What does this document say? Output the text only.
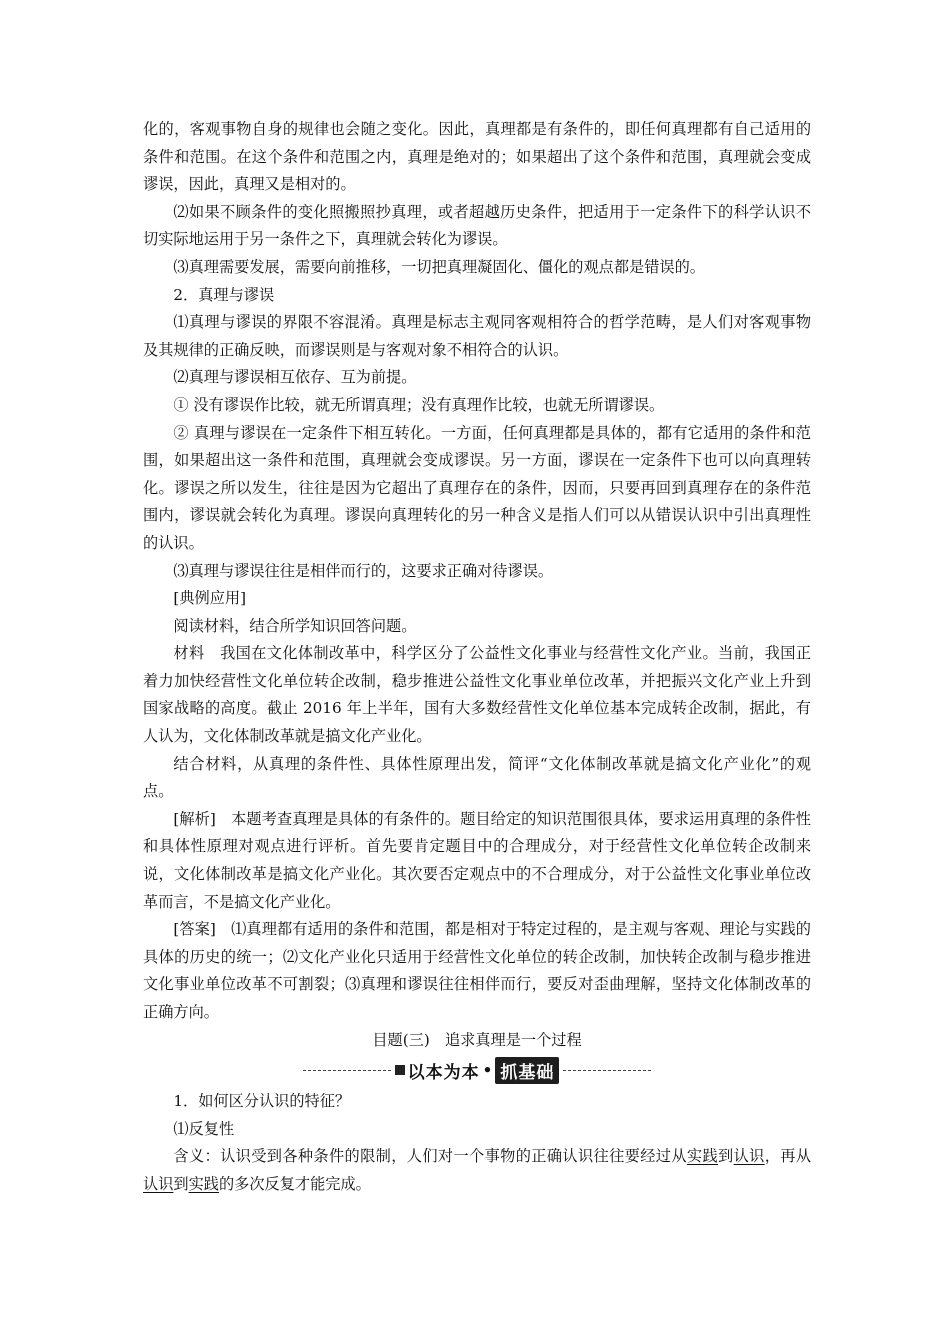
化的，客观事物自身的规律也会随之变化。因此，真理都是有条件的，即任何真理都有自己适用的条件和范围。在这个条件和范围之内，真理是绝对的；如果超出了这个条件和范围，真理就会变成谬误，因此，真理又是相对的。

⑵如果不顾条件的变化照搬照抄真理，或者超越历史条件，把适用于一定条件下的科学认识不切实际地运用于另一条件之下，真理就会转化为谬误。

⑶真理需要发展，需要向前推移，一切把真理凝固化、僵化的观点都是错误的。

2．真理与谬误

⑴真理与谬误的界限不容混淆。真理是标志主观同客观相符合的哲学范畴，是人们对客观事物及其规律的正确反映，而谬误则是与客观对象不相符合的认识。

⑵真理与谬误相互依存、互为前提。

① 没有谬误作比较，就无所谓真理；没有真理作比较，也就无所谓谬误。

② 真理与谬误在一定条件下相互转化。一方面，任何真理都是具体的，都有它适用的条件和范围，如果超出这一条件和范围，真理就会变成谬误。另一方面，谬误在一定条件下也可以向真理转化。谬误之所以发生，往往是因为它超出了真理存在的条件，因而，只要再回到真理存在的条件范围内，谬误就会转化为真理。谬误向真理转化的另一种含义是指人们可以从错误认识中引出真理性的认识。

⑶真理与谬误往往是相伴而行的，这要求正确对待谬误。

[典例应用]

阅读材料，结合所学知识回答问题。

材料　我国在文化体制改革中，科学区分了公益性文化事业与经营性文化产业。当前，我国正着力加快经营性文化单位转企改制，稳步推进公益性文化事业单位改革，并把振兴文化产业上升到国家战略的高度。截止 2016 年上半年，国有大多数经营性文化单位基本完成转企改制，据此，有人认为，文化体制改革就是搞文化产业化。

结合材料，从真理的条件性、具体性原理出发，简评“文化体制改革就是搞文化产业化”的观点。

[解析]　本题考查真理是具体的有条件的。题目给定的知识范围很具体，要求运用真理的条件性和具体性原理对观点进行评析。首先要肯定题目中的合理成分，对于经营性文化单位转企改制来说，文化体制改革是搞文化产业化。其次要否定观点中的不合理成分，对于公益性文化事业单位改革而言，不是搞文化产业化。

[答案]　⑴真理都有适用的条件和范围，都是相对于特定过程的，是主观与客观、理论与实践的具体的历史的统一；⑵文化产业化只适用于经营性文化单位的转企改制，加快转企改制与稳步推进文化事业单位改革不可割裂；⑶真理和谬误往往相伴而行，要反对歪曲理解，坚持文化体制改革的正确方向。

目题(三)　追求真理是一个过程

以本为本 • 抓基础

1．如何区分认识的特征？

⑴反复性

含义：认识受到各种条件的限制，人们对一个事物的正确认识往往要经过从实践到认识，再从认识到实践的多次反复才能完成。
